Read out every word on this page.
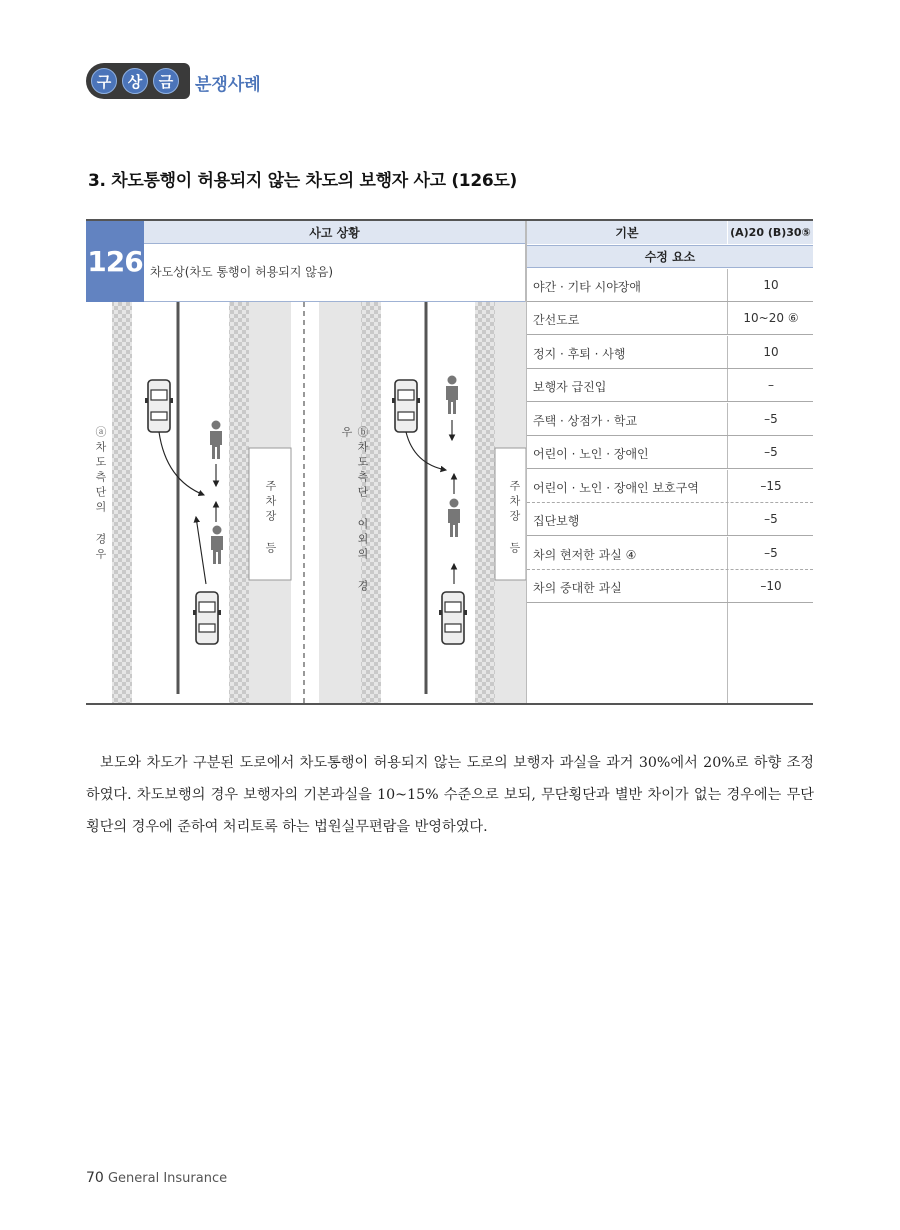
구	상	금	분쟁사례
3. 차도통행이 허용되지 않는 차도의 보행자 사고 (126도)
126
사고 상황
차도상(차도 통행이 허용되지 않음)
기본	(A)20 (B)30⑤
수정 요소
야간 · 기타 시야장애	10
간선도로	10~20 ⑥
정지 · 후퇴 · 사행	10
보행자 급진입	–
주택 · 상점가 · 학교	–5
어린이 · 노인 · 장애인	–5
어린이 · 노인 · 장애인 보호구역	–15
집단보행	–5
차의 현저한 과실 ④	–5
차의 중대한 과실	–10
ⓐ차도측단의 경우	ⓑ차도측단 이외의 경우
주차장 등	주차장 등
보도와 차도가 구분된 도로에서 차도통행이 허용되지 않는 도로의 보행자 과실을 과거 30%에서 20%로 하향 조정 하였다. 차도보행의 경우 보행자의 기본과실을 10~15% 수준으로 보되, 무단횡단과 별반 차이가 없는 경우에는 무단횡단의 경우에 준하여 처리토록 하는 법원실무편람을 반영하였다.
70 General Insurance
